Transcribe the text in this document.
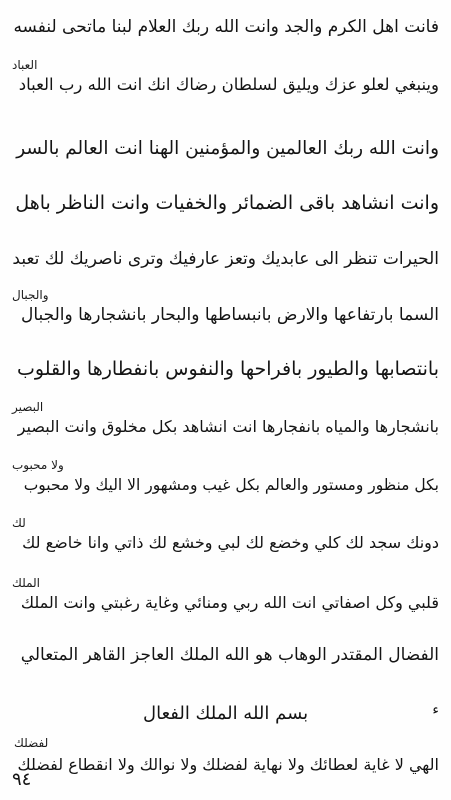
فانت اهل الكرم والجد وانت الله ربك العلام لبنا ماتحى لنفسه
وينبغي لعلو عزك ويليق لسلطان رضاك انك انت الله رب العباد
وانت الله ربك العالمين والمؤمنين الهنا انت العالم بالسر
وانت انشاهد باقى الضمائر والخفيات وانت الناظر باهل
الحيرات تنظر الى عابديك وتعز عارفيك وترى ناصريك لك تعبد
السما بارتفاعها والارض بانبساطها والبحار بانشجارها والجبال
بانتصابها والطيور بافراحها والنفوس بانفطارها والقلوب
بانشجارها والمياه بانفجارها انت انشاهد بكل مخلوق وانت البصير
بكل منظور ومستور والعالم بكل غيب ومشهور الا اليك ولا محبوب
دونك سجد لك كلي وخضع لك لبي وخشع لك ذاتي وانا خاضع لك
قلبي وكل اصفاتي انت الله ربي ومنائي وغاية رغبتي وانت الملك
الفضال المقتدر الوهاب هو الله الملك العاجز القاهر المتعالي
العباد
والجبال
البصير
ولا محبوب
لك
الملك
لفضلك
ء
بسم الله الملك الفعال
الهي لا غاية لعطائك ولا نهاية لفضلك ولا نوالك ولا انقطاع لفضلك
٩٤
